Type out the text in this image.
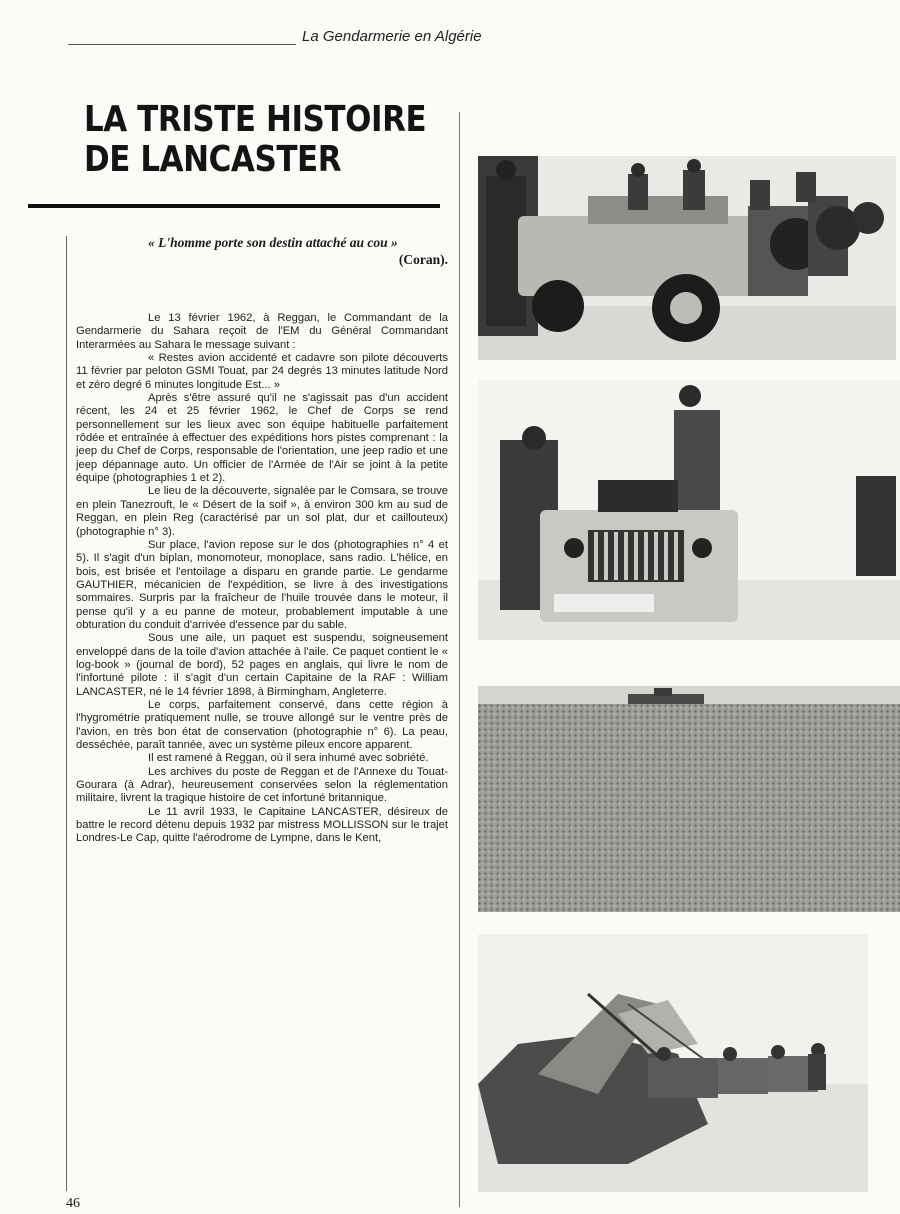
La Gendarmerie en Algérie
LA TRISTE HISTOIRE
DE LANCASTER
« L'homme porte son destin attaché au cou »
(Coran).

Le 13 février 1962, à Reggan, le Commandant de la Gendarmerie du Sahara reçoit de l'EM du Général Commandant Interarmées au Sahara le message suivant :

« Restes avion accidenté et cadavre son pilote découverts 11 février par peloton GSMI Touat, par 24 degrés 13 minutes latitude Nord et zéro degré 6 minutes longitude Est... »

Après s'être assuré qu'il ne s'agissait pas d'un accident récent, les 24 et 25 février 1962, le Chef de Corps se rend personnellement sur les lieux avec son équipe habituelle parfaitement rôdée et entraînée à effectuer des expéditions hors pistes comprenant : la jeep du Chef de Corps, responsable de l'orientation, une jeep radio et une jeep dépannage auto. Un officier de l'Armée de l'Air se joint à la petite équipe (photographies 1 et 2).

Le lieu de la découverte, signalée par le Comsara, se trouve en plein Tanezrouft, le « Désert de la soif », à environ 300 km au sud de Reggan, en plein Reg (caractérisé par un sol plat, dur et caillouteux) (photographie n° 3).

Sur place, l'avion repose sur le dos (photographies n° 4 et 5). Il s'agit d'un biplan, monomoteur, monoplace, sans radio. L'hélice, en bois, est brisée et l'entoilage a disparu en grande partie. Le gendarme GAUTHIER, mécanicien de l'expédition, se livre à des investigations sommaires. Surpris par la fraîcheur de l'huile trouvée dans le moteur, il pense qu'il y a eu panne de moteur, probablement imputable à une obturation du conduit d'arrivée d'essence par du sable.

Sous une aile, un paquet est suspendu, soigneusement enveloppé dans de la toile d'avion attachée à l'aile. Ce paquet contient le « log-book » (journal de bord), 52 pages en anglais, qui livre le nom de l'infortuné pilote : il s'agit d'un certain Capitaine de la RAF : William LANCASTER, né le 14 février 1898, à Birmingham, Angleterre.

Le corps, parfaitement conservé, dans cette région à l'hygrométrie pratiquement nulle, se trouve allongé sur le ventre près de l'avion, en très bon état de conservation (photographie n° 6). La peau, desséchée, paraît tannée, avec un système pileux encore apparent.

Il est ramené à Reggan, où il sera inhumé avec sobriété.

Les archives du poste de Reggan et de l'Annexe du Touat-Gourara (à Adrar), heureusement conservées selon la réglementation militaire, livrent la tragique histoire de cet infortuné britannique.

Le 11 avril 1933, le Capitaine LANCASTER, désireux de battre le record détenu depuis 1932 par mistress MOLLISSON sur le trajet Londres-Le Cap, quitte l'aérodrome de Lympne, dans le Kent,

46
